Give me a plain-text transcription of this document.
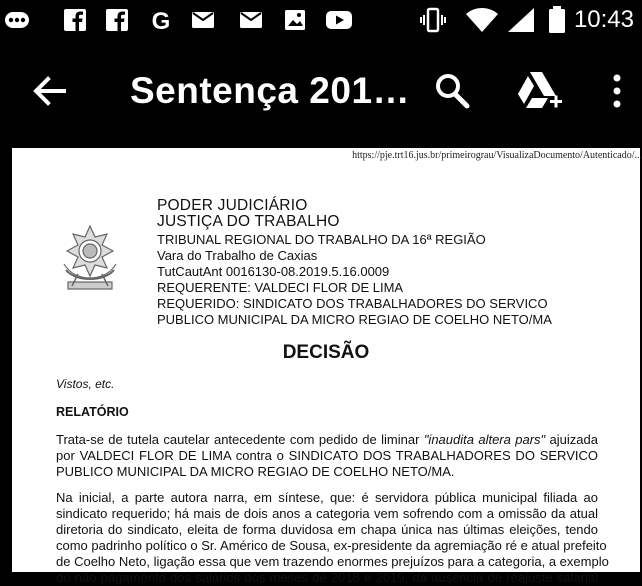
G	10:43
Sentença 201…
https://pje.trt16.jus.br/primeirograu/VisualizaDocumento/Autenticado/...
PODER JUDICIÁRIO
JUSTIÇA DO TRABALHO
TRIBUNAL REGIONAL DO TRABALHO DA 16ª REGIÃO
Vara do Trabalho de Caxias
TutCautAnt 0016130-08.2019.5.16.0009
REQUERENTE: VALDECI FLOR DE LIMA
REQUERIDO: SINDICATO DOS TRABALHADORES DO SERVICO
PUBLICO MUNICIPAL DA MICRO REGIAO DE COELHO NETO/MA
DECISÃO
Vistos, etc.
RELATÓRIO
Trata-se de tutela cautelar antecedente com pedido de liminar "inaudita altera pars" ajuizada
por VALDECI FLOR DE LIMA contra o SINDICATO DOS TRABALHADORES DO SERVICO
PUBLICO MUNICIPAL DA MICRO REGIAO DE COELHO NETO/MA.
Na inicial, a parte autora narra, em síntese, que: é servidora pública municipal filiada ao
sindicato requerido; há mais de dois anos a categoria vem sofrendo com a omissão da atual
diretoria do sindicato, eleita de forma duvidosa em chapa única nas últimas eleições, tendo
como padrinho político o Sr. Américo de Sousa, ex-presidente da agremiação ré e atual prefeito
de Coelho Neto, ligação essa que vem trazendo enormes prejuízos para a categoria, a exemplo
do não pagamento dos salários dos meses de 2018 e 2019, da ausência de reajuste salarial
